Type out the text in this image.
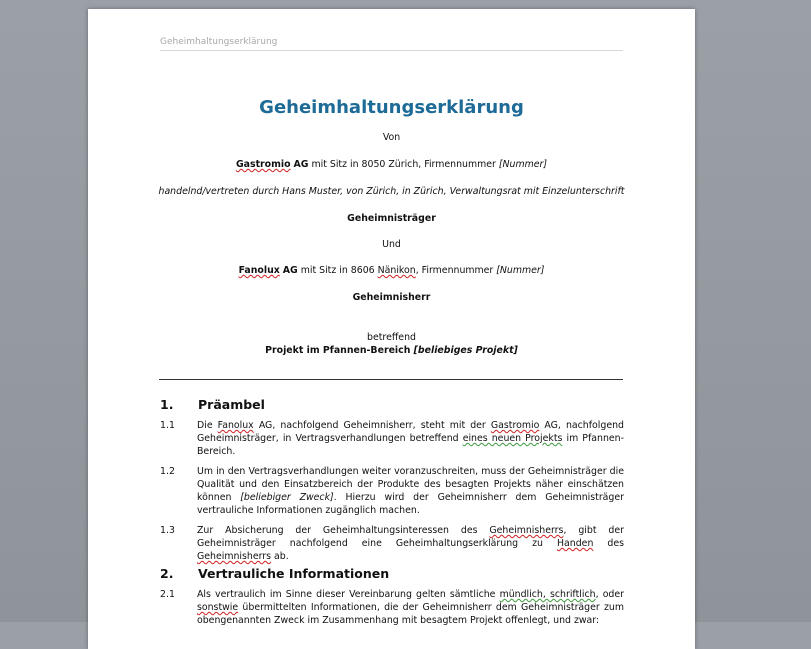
Geheimhaltungserklärung
Geheimhaltungserklärung
Von
Gastromio AG mit Sitz in 8050 Zürich, Firmennummer [Nummer]
handelnd/vertreten durch Hans Muster, von Zürich, in Zürich, Verwaltungsrat mit Einzelunterschrift
Geheimnisträger
Und
Fanolux AG mit Sitz in 8606 Nänikon, Firmennummer [Nummer]
Geheimnisherr
betreffend
Projekt im Pfannen-Bereich [beliebiges Projekt]
1. Präambel
1.1 Die Fanolux AG, nachfolgend Geheimnisherr, steht mit der Gastromio AG, nachfolgend Geheimnisträger, in Vertragsverhandlungen betreffend eines neuen Projekts im Pfannen-Bereich.
1.2 Um in den Vertragsverhandlungen weiter voranzuschreiten, muss der Geheimnisträger die Qualität und den Einsatzbereich der Produkte des besagten Projekts näher einschätzen können [beliebiger Zweck]. Hierzu wird der Geheimnisherr dem Geheimnisträger vertrauliche Informationen zugänglich machen.
1.3 Zur Absicherung der Geheimhaltungsinteressen des Geheimnisherrs, gibt der Geheimnisträger nachfolgend eine Geheimhaltungserklärung zu Handen des Geheimnisherrs ab.
2. Vertrauliche Informationen
2.1 Als vertraulich im Sinne dieser Vereinbarung gelten sämtliche mündlich, schriftlich, oder sonstwie übermittelten Informationen, die der Geheimnisherr dem Geheimnisträger zum obengenannten Zweck im Zusammenhang mit besagtem Projekt offenlegt, und zwar:
